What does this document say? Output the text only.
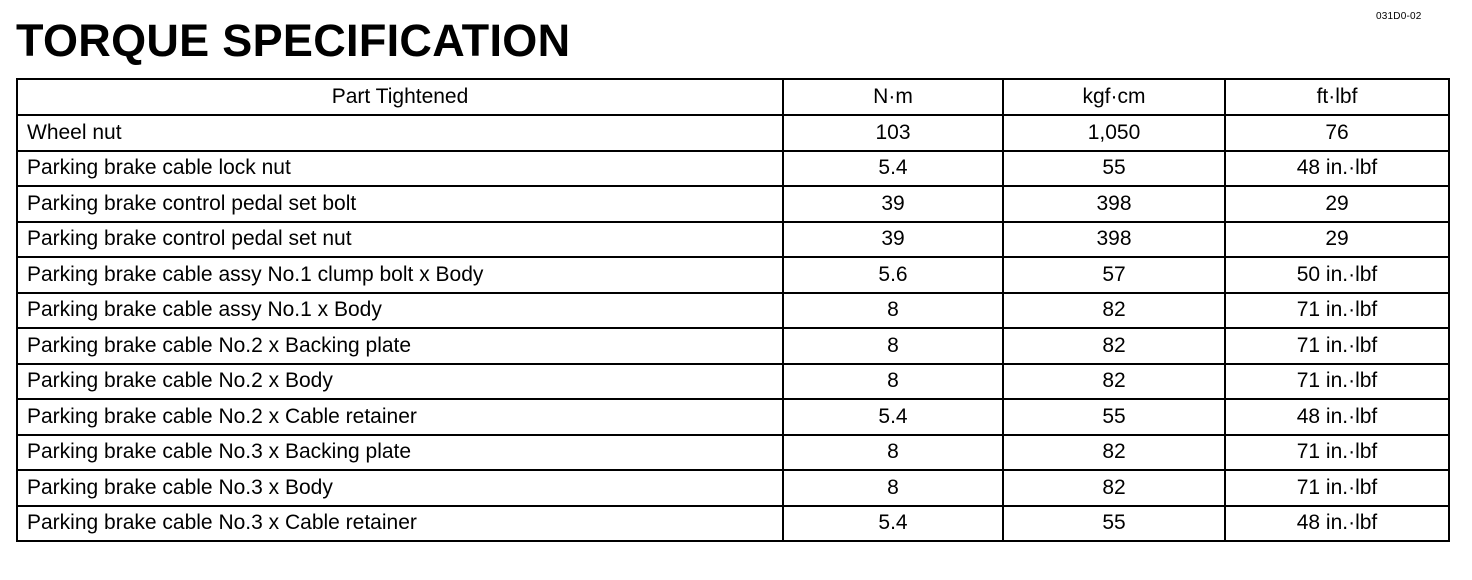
031D0-02
TORQUE SPECIFICATION
Part Tightened	N·m	kgf·cm	ft·lbf
Wheel nut	103	1,050	76
Parking brake cable lock nut	5.4	55	48 in.·lbf
Parking brake control pedal set bolt	39	398	29
Parking brake control pedal set nut	39	398	29
Parking brake cable assy No.1 clump bolt x Body	5.6	57	50 in.·lbf
Parking brake cable assy No.1 x Body	8	82	71 in.·lbf
Parking brake cable No.2 x Backing plate	8	82	71 in.·lbf
Parking brake cable No.2 x Body	8	82	71 in.·lbf
Parking brake cable No.2 x Cable retainer	5.4	55	48 in.·lbf
Parking brake cable No.3 x Backing plate	8	82	71 in.·lbf
Parking brake cable No.3 x Body	8	82	71 in.·lbf
Parking brake cable No.3 x Cable retainer	5.4	55	48 in.·lbf
